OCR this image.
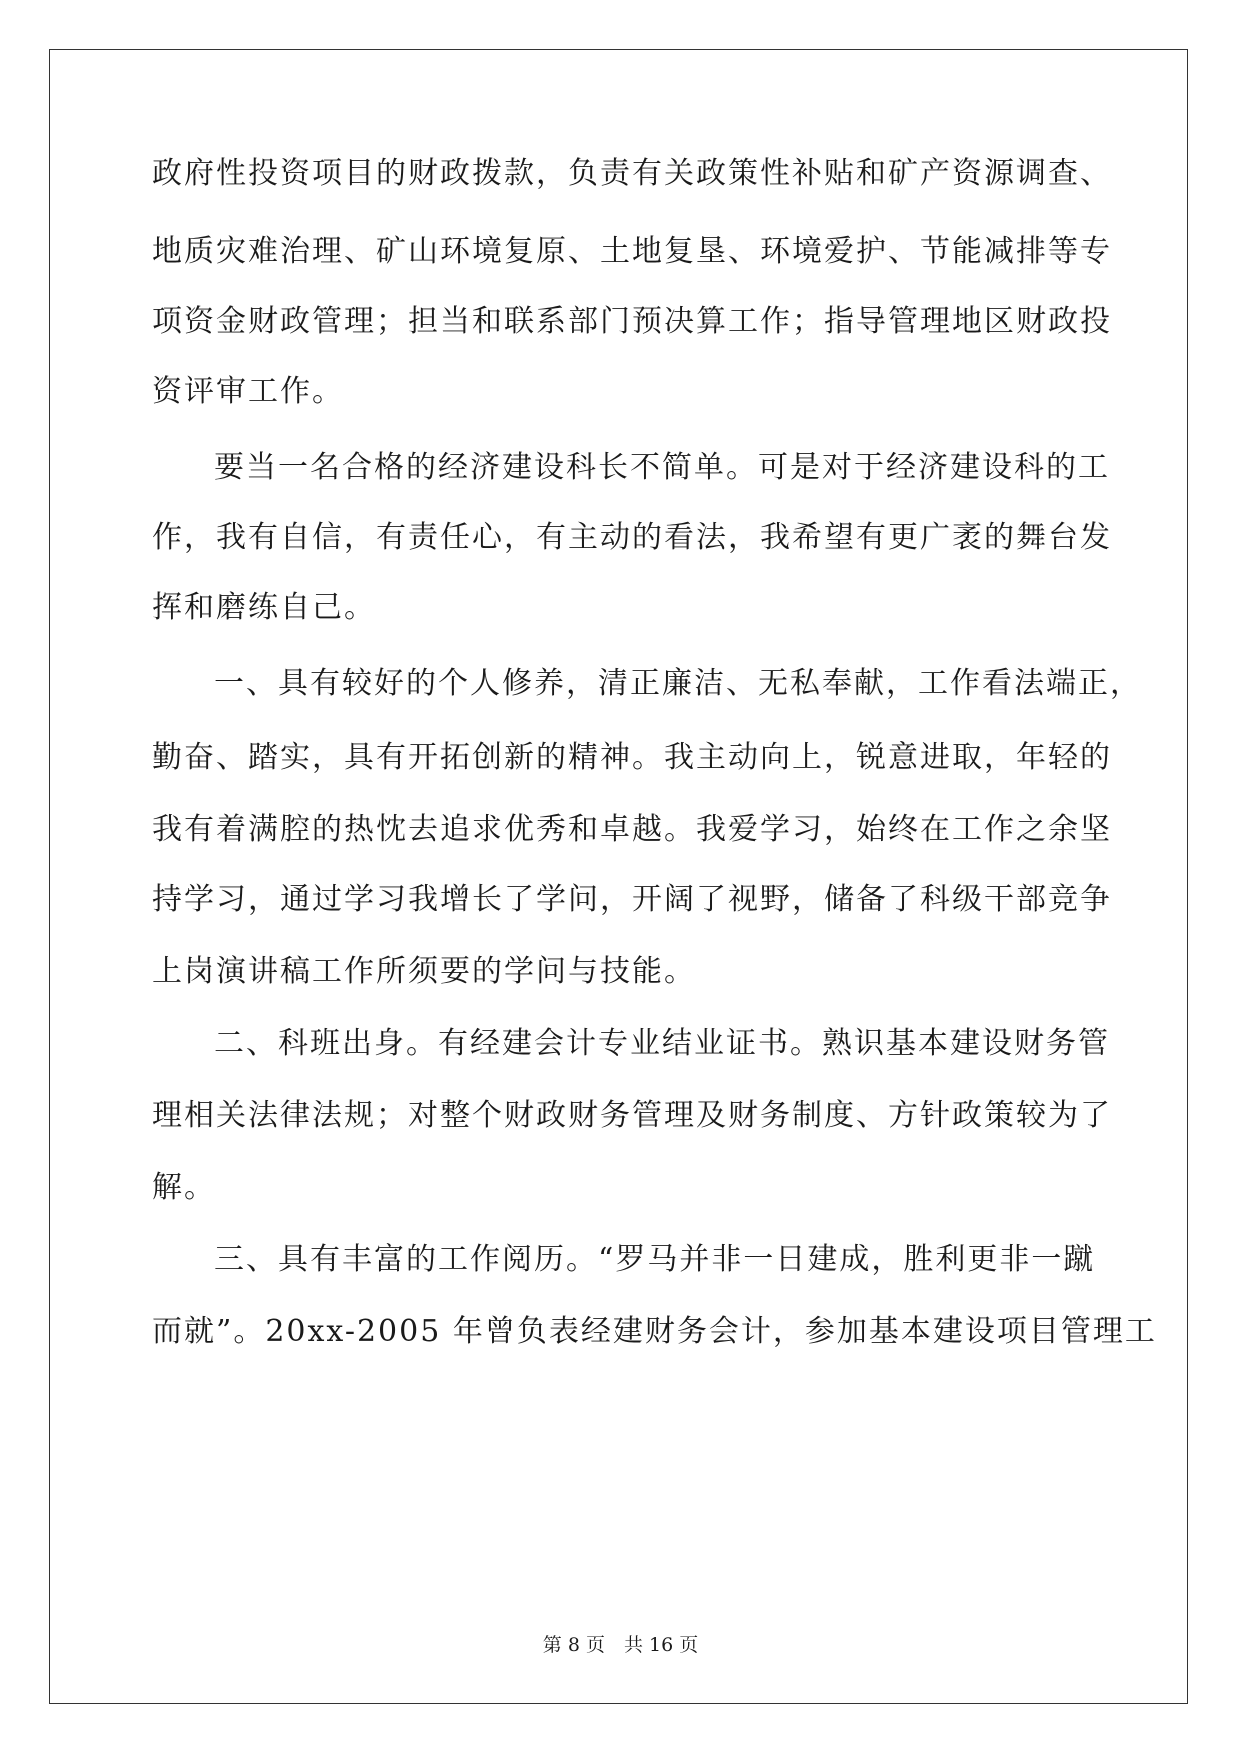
政府性投资项目的财政拨款，负责有关政策性补贴和矿产资源调查、
地质灾难治理、矿山环境复原、土地复垦、环境爱护、节能减排等专
项资金财政管理；担当和联系部门预决算工作；指导管理地区财政投
资评审工作。
要当一名合格的经济建设科长不简单。可是对于经济建设科的工
作，我有自信，有责任心，有主动的看法，我希望有更广袤的舞台发
挥和磨练自己。
一、具有较好的个人修养，清正廉洁、无私奉献，工作看法端正，
勤奋、踏实，具有开拓创新的精神。我主动向上，锐意进取，年轻的
我有着满腔的热忱去追求优秀和卓越。我爱学习，始终在工作之余坚
持学习，通过学习我增长了学问，开阔了视野，储备了科级干部竞争
上岗演讲稿工作所须要的学问与技能。
二、科班出身。有经建会计专业结业证书。熟识基本建设财务管
理相关法律法规；对整个财政财务管理及财务制度、方针政策较为了
解。
三、具有丰富的工作阅历。“罗马并非一日建成，胜利更非一蹴
而就”。20xx-2005 年曾负表经建财务会计，参加基本建设项目管理工
第 8 页　共 16 页
